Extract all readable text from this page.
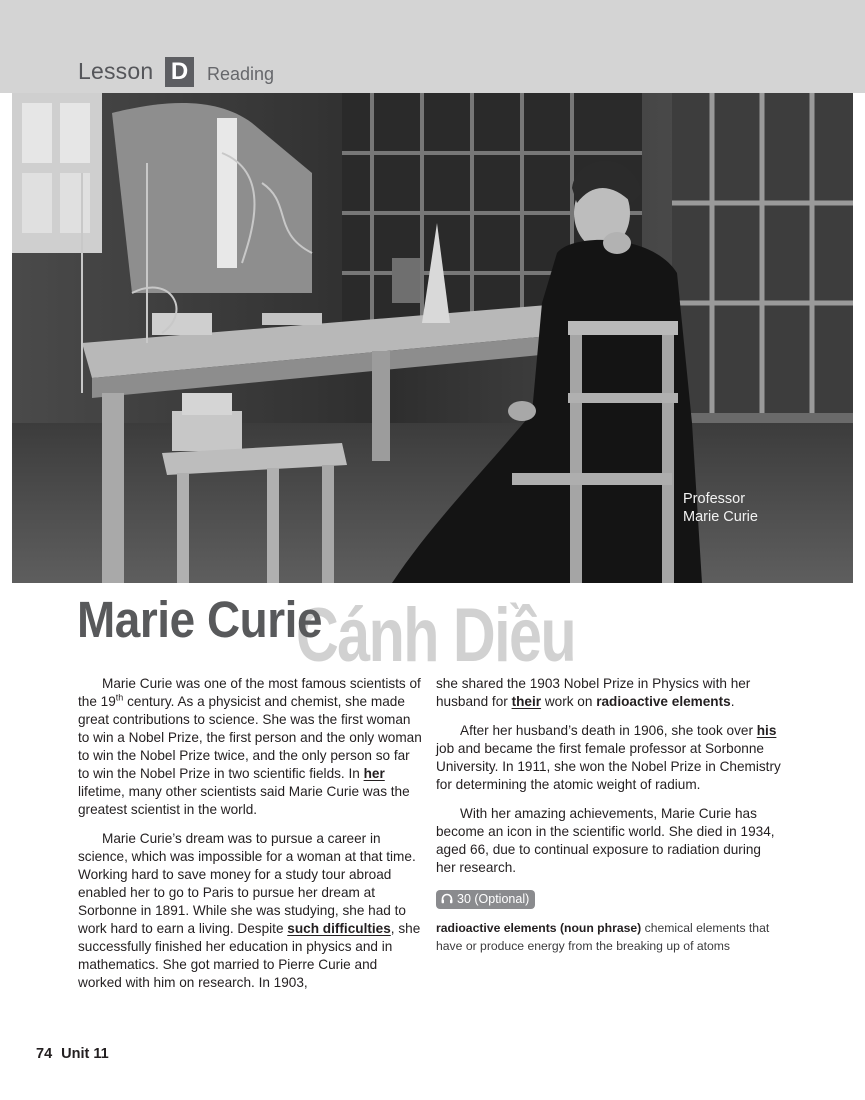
Lesson D	Reading
Professor
Marie Curie
Cánh Diều
Marie Curie

Marie Curie was one of the most famous scientists of the 19th century. As a physicist and chemist, she made great contributions to science. She was the first woman to win a Nobel Prize, the first person and the only woman to win the Nobel Prize twice, and the only person so far to win the Nobel Prize in two scientific fields. In her lifetime, many other scientists said Marie Curie was the greatest scientist in the world.

Marie Curie’s dream was to pursue a career in science, which was impossible for a woman at that time. Working hard to save money for a study tour abroad enabled her to go to Paris to pursue her dream at Sorbonne in 1891. While she was studying, she had to work hard to earn a living. Despite such difficulties, she successfully finished her education in physics and in mathematics. She got married to Pierre Curie and worked with him on research. In 1903,

she shared the 1903 Nobel Prize in Physics with her husband for their work on radioactive elements.

After her husband’s death in 1906, she took over his job and became the first female professor at Sorbonne University. In 1911, she won the Nobel Prize in Chemistry for determining the atomic weight of radium.

With her amazing achievements, Marie Curie has become an icon in the scientific world. She died in 1934, aged 66, due to continual exposure to radiation during her research.

30 (Optional)
radioactive elements (noun phrase) chemical elements that have or produce energy from the breaking up of atoms
74 Unit 11
